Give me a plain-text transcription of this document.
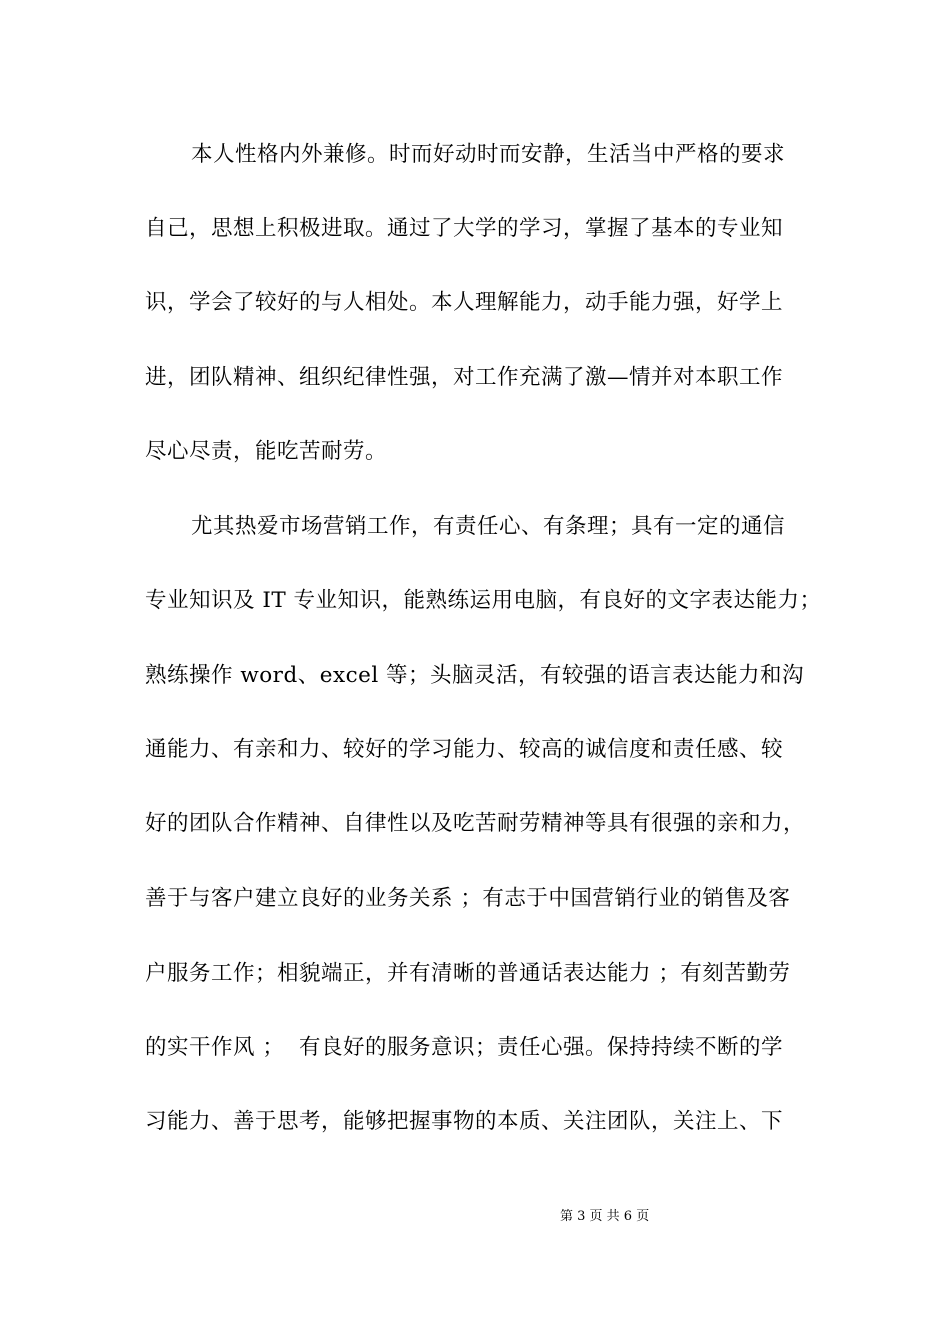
本人性格内外兼修。时而好动时而安静，生活当中严格的要求
自己，思想上积极进取。通过了大学的学习，掌握了基本的专业知
识，学会了较好的与人相处。本人理解能力，动手能力强，好学上
进，团队精神、组织纪律性强，对工作充满了激—情并对本职工作
尽心尽责，能吃苦耐劳。
尤其热爱市场营销工作，有责任心、有条理；具有一定的通信
专业知识及 IT 专业知识，能熟练运用电脑，有良好的文字表达能力；
熟练操作 word、excel 等；头脑灵活，有较强的语言表达能力和沟
通能力、有亲和力、较好的学习能力、较高的诚信度和责任感、较
好的团队合作精神、自律性以及吃苦耐劳精神等具有很强的亲和力，
善于与客户建立良好的业务关系 ；有志于中国营销行业的销售及客
户服务工作；相貌端正，并有清晰的普通话表达能力 ；有刻苦勤劳
的实干作风 ；  有良好的服务意识；责任心强。保持持续不断的学
习能力、善于思考，能够把握事物的本质、关注团队，关注上、下
第 3 页 共 6 页
